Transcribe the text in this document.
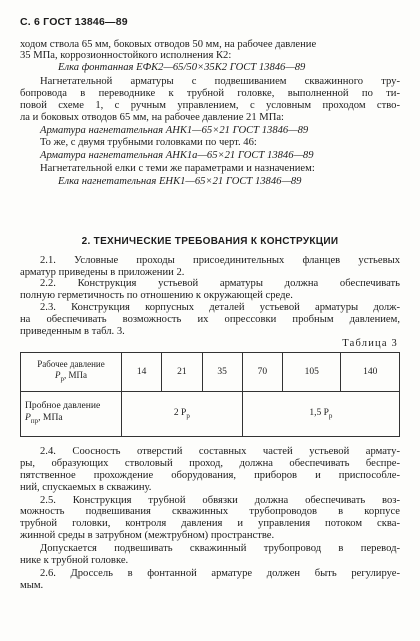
С. 6 ГОСТ 13846—89
ходом ствола 65 мм, боковых отводов 50 мм, на рабочее давление
35 МПа, коррозионностойкого исполнения К2:
Елка фонтанная ЕФК2—65/50×35К2 ГОСТ 13846—89
Нагнетательной арматуры с подвешиванием скважинного тру-
бопровода в переводнике к трубной головке, выполненной по ти-
повой схеме 1, с ручным управлением, с условным проходом ство-
ла и боковых отводов 65 мм, на рабочее давление 21 МПа:
Арматура нагнетательная АНК1—65×21 ГОСТ 13846—89
То же, с двумя трубными головками по черт. 46:
Арматура нагнетательная АНК1а—65×21 ГОСТ 13846—89
Нагнетательной елки с теми же параметрами и назначением:
Елка нагнетательная ЕНК1—65×21 ГОСТ 13846—89
2. ТЕХНИЧЕСКИЕ ТРЕБОВАНИЯ К КОНСТРУКЦИИ
2.1. Условные проходы присоединительных фланцев устьевых
арматур приведены в приложении 2.
2.2. Конструкция устьевой арматуры должна обеспечивать
полную герметичность по отношению к окружающей среде.
2.3. Конструкция корпусных деталей устьевой арматуры долж-
на обеспечивать возможность их опрессовки пробным давлением,
приведенным в табл. 3.
Таблица 3
Рабочее давление
$P_р$, МПа	14	21	35	70	105	140
Пробное давление
$P_{пр}$, МПа	2 $P_р$			1,5 $P_р$
2.4. Соосность отверстий составных частей устьевой армату-
ры, образующих стволовый проход, должна обеспечивать беспре-
пятственное прохождение оборудования, приборов и приспособле-
ний, спускаемых в скважину.
2.5. Конструкция трубной обвязки должна обеспечивать воз-
можность подвешивания скважинных трубопроводов в корпусе
трубной головки, контроля давления и управления потоком сква-
жинной среды в затрубном (межтрубном) пространстве.
Допускается подвешивать скважинный трубопровод в перевод-
нике к трубной головке.
2.6. Дроссель в фонтанной арматуре должен быть регулируе-
мым.
